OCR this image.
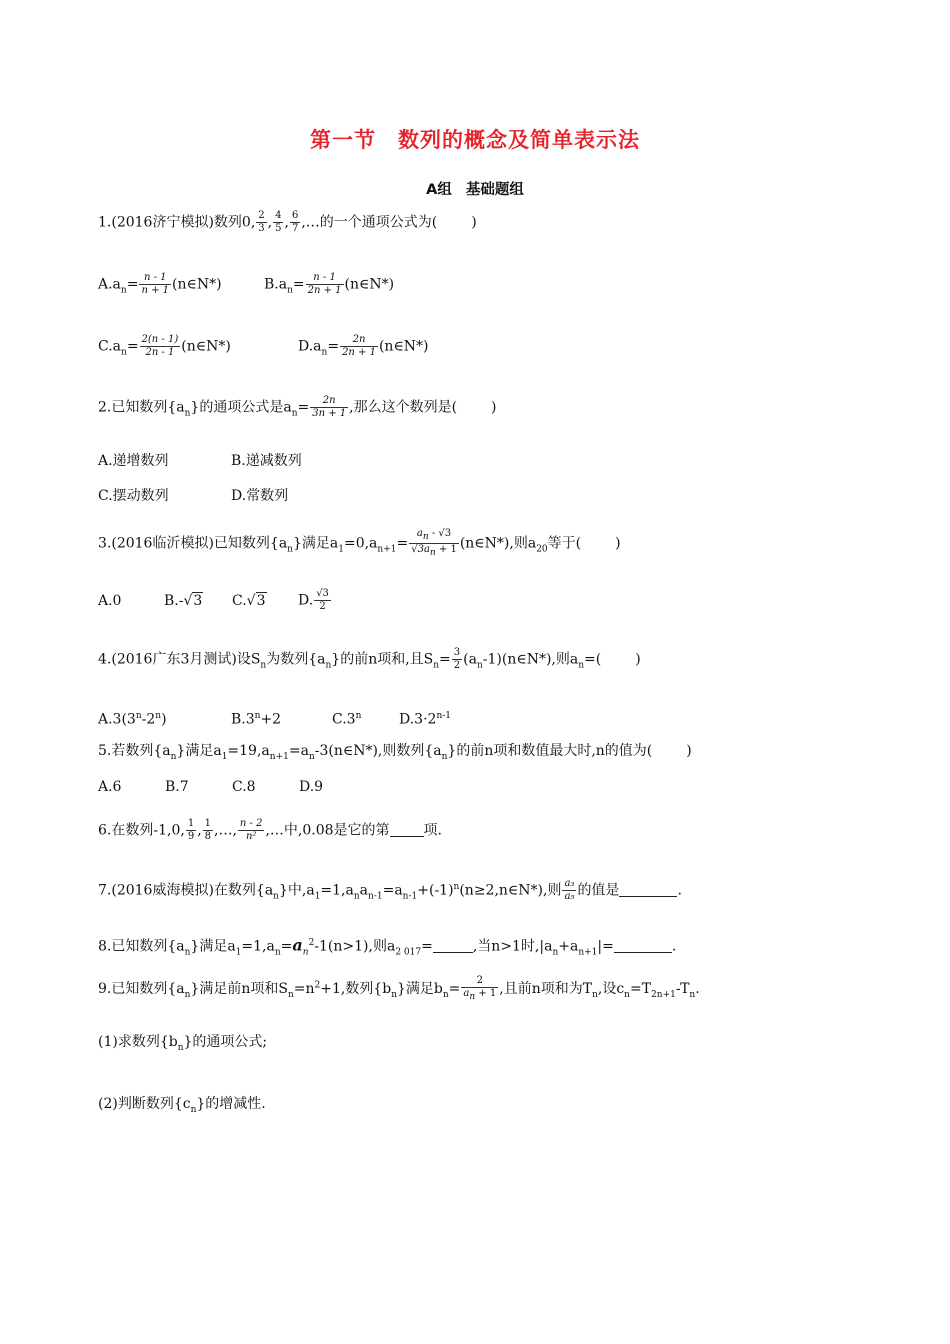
第一节 数列的概念及简单表示法
A组 基础题组
1.(2016济宁模拟)数列0, $\frac{2}{3}$ , $\frac{4}{5}$ , $\frac{6}{7}$ ,…的一个通项公式为( )
$A.a_n= \frac{n - 1}{n + 1}$ (n∈N*)	$B.a_n= \frac{n - 1}{2n + 1}$ (n∈N*)
$C.a_n= \frac{2(n - 1)}{2n - 1}$ (n∈N*)	$D.a_n= \frac{2n}{2n + 1}$ (n∈N*)
2.已知数列$\{a_n\}$的通项公式是$a_n= \frac{2n}{3n + 1}$ ,那么这个数列是( )
A.递增数列	B.递减数列
C.摆动数列	D.常数列
3.(2016临沂模拟)已知数列$\{a_n\}$满足$a_1=0,a_{n+1}= \frac{a_n - √3}{√3a_n + 1}$ (n∈N*),则$a_{20}$等于( )
A.0	B.-√3 C.√3 D. $\frac{√3}{2}$
4.(2016广东3月测试)设$S_n$为数列$\{a_n\}$的前n项和,且$S_n= \frac{3}{2}$ $(a_n-1)(n\in N*)$,则$a_n=$( )
A.3(3$^n$-2$^n$)	$B.3^n+2$	C.3$^n$	$D.3\cdot 2^{n-1}$
5.若数列$\{a_n\}$满足$a_1=19,a_{n+1}=a_n-3(n\in N*)$,则数列$\{a_n\}$的前n项和数值最大时,n的值为( )
A.6	B.7	C.8	D.9
6.在数列-1,0, $\frac{1}{9}$ , $\frac{1}{8}$ ,…, $\frac{n - 2}{\text{n²}}$ ,…中,0.08是它的第 项.
7.(2016威海模拟)在数列$\{a_n\}$中$,a_1=1,a_na_{n-1}=a_{n-1}+(-1)^n(n\ge 2,n\in N*)$,则 $\frac{\text{a₃}}{\text{a₅}}$ 的值是	.
8.已知数列$\{a_n\}$满足$a_1=1,a_n=a_n^2-1(n>1)$,则$a_{2 017}=$	,当n>1时$,|a_n+a_{n+1}|=$	.
9.已知数列$\{a_n\}$满足前n项和$S_n=n^2+1$,数列$\{b_n\}$满足$b_n= \frac{2}{a_n + 1}$ ,且前n项和为$T_n$,设$c_n=T_{2n+1}-T_n$.
(1)求数列$\{b_n\}$的通项公式;
(2)判断数列$\{c_n\}$的增减性.
